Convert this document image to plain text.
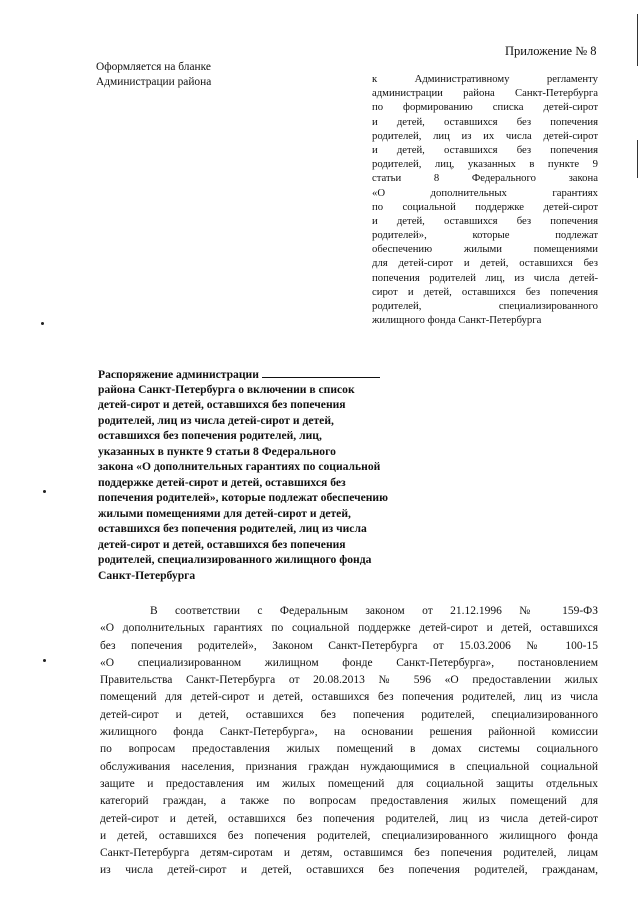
Приложение № 8
Оформляется на бланке
Администрации района	к Административному регламенту
администрации района Санкт-Петербурга
по формированию списка детей-сирот
и детей, оставшихся без попечения
родителей, лиц из их числа детей-сирот
и детей, оставшихся без попечения
родителей, лиц, указанных в пункте 9
статьи 8 Федерального закона
«О дополнительных гарантиях
по социальной поддержке детей-сирот
и детей, оставшихся без попечения
родителей», которые подлежат
обеспечению жилыми помещениями
для детей-сирот и детей, оставшихся без
попечения родителей лиц, из числа детей-
сирот и детей, оставшихся без попечения
родителей, специализированного
жилищного фонда Санкт-Петербурга
Распоряжение администрации
района Санкт-Петербурга о включении в список
детей-сирот и детей, оставшихся без попечения
родителей, лиц из числа детей-сирот и детей,
оставшихся без попечения родителей, лиц,
указанных в пункте 9 статьи 8 Федерального
закона «О дополнительных гарантиях по социальной
поддержке детей-сирот и детей, оставшихся без
попечения родителей», которые подлежат обеспечению
жилыми помещениями для детей-сирот и детей,
оставшихся без попечения родителей, лиц из числа
детей-сирот и детей, оставшихся без попечения
родителей, специализированного жилищного фонда
Санкт-Петербурга
В соответствии с Федеральным законом от 21.12.1996 № 159-ФЗ
«О дополнительных гарантиях по социальной поддержке детей-сирот и детей, оставшихся
без попечения родителей», Законом Санкт-Петербурга от 15.03.2006 № 100-15
«О специализированном жилищном фонде Санкт-Петербурга», постановлением
Правительства Санкт-Петербурга от 20.08.2013 № 596 «О предоставлении жилых
помещений для детей-сирот и детей, оставшихся без попечения родителей, лиц из числа
детей-сирот и детей, оставшихся без попечения родителей, специализированного
жилищного фонда Санкт-Петербурга», на основании решения районной комиссии
по вопросам предоставления жилых помещений в домах системы социального
обслуживания населения, признания граждан нуждающимися в специальной социальной
защите и предоставления им жилых помещений для социальной защиты отдельных
категорий граждан, а также по вопросам предоставления жилых помещений для
детей-сирот и детей, оставшихся без попечения родителей, лиц из числа детей-сирот
и детей, оставшихся без попечения родителей, специализированного жилищного фонда
Санкт-Петербурга детям-сиротам и детям, оставшимся без попечения родителей, лицам
из числа детей-сирот и детей, оставшихся без попечения родителей, гражданам,
